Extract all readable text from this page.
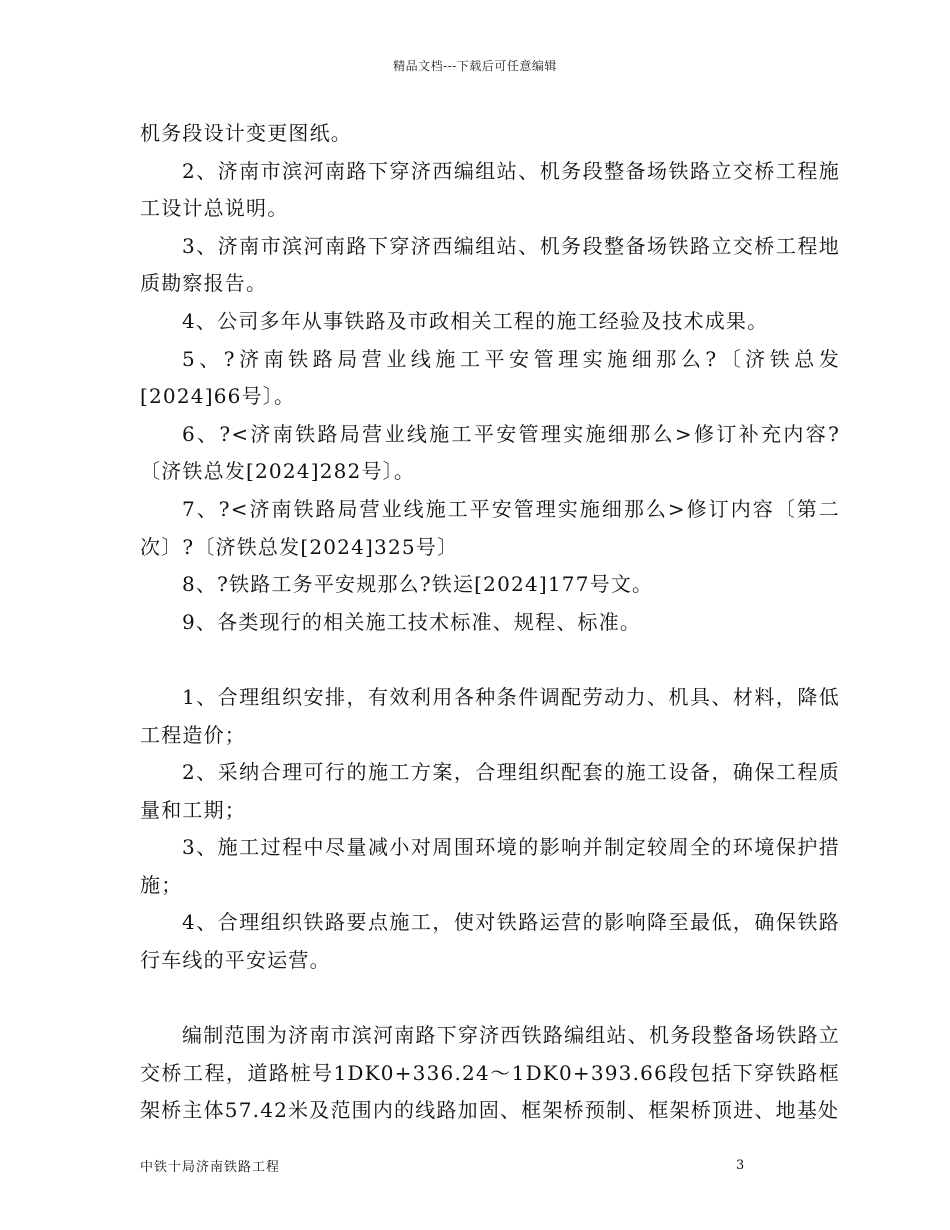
精品文档---下载后可任意编辑

机务段设计变更图纸。

2、济南市滨河南路下穿济西编组站、机务段整备场铁路立交桥工程施工设计总说明。

3、济南市滨河南路下穿济西编组站、机务段整备场铁路立交桥工程地质勘察报告。

4、公司多年从事铁路及市政相关工程的施工经验及技术成果。

5、?济南铁路局营业线施工平安管理实施细那么?〔济铁总发[2024]66号〕。

6、?<济南铁路局营业线施工平安管理实施细那么>修订补充内容?〔济铁总发[2024]282号〕。

7、?<济南铁路局营业线施工平安管理实施细那么>修订内容〔第二次〕?〔济铁总发[2024]325号〕

8、?铁路工务平安规那么?铁运[2024]177号文。

9、各类现行的相关施工技术标准、规程、标准。

1、合理组织安排，有效利用各种条件调配劳动力、机具、材料，降低工程造价；

2、采纳合理可行的施工方案，合理组织配套的施工设备，确保工程质量和工期；

3、施工过程中尽量减小对周围环境的影响并制定较周全的环境保护措施；

4、合理组织铁路要点施工，使对铁路运营的影响降至最低，确保铁路行车线的平安运营。

编制范围为济南市滨河南路下穿济西铁路编组站、机务段整备场铁路立交桥工程，道路桩号1DK0+336.24～1DK0+393.66段包括下穿铁路框架桥主体57.42米及范围内的线路加固、框架桥预制、框架桥顶进、地基处

中铁十局济南铁路工程	3
